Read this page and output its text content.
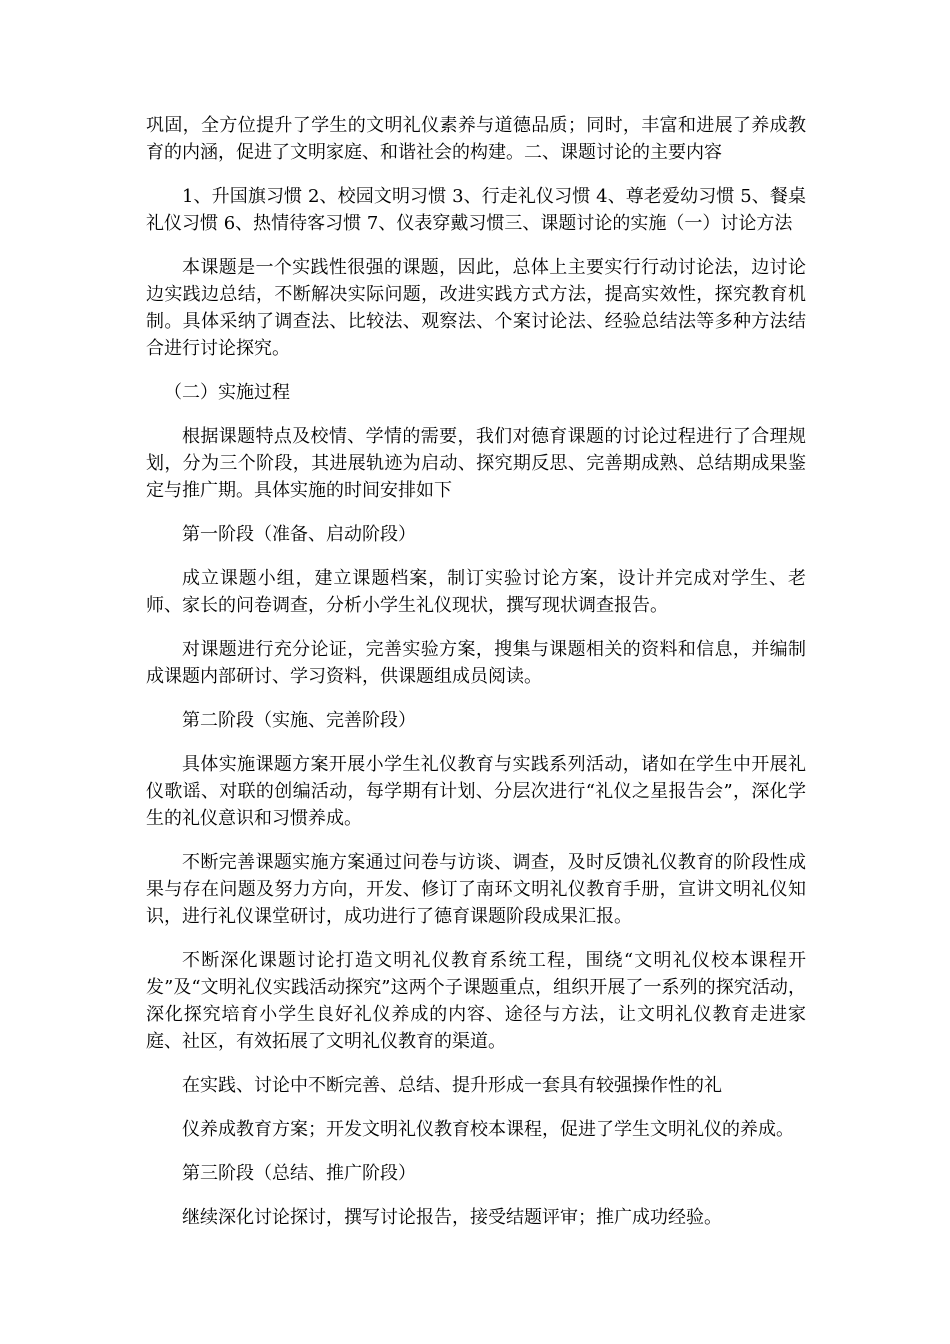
巩固，全方位提升了学生的文明礼仪素养与道德品质；同时，丰富和进展了养成教育的内涵，促进了文明家庭、和谐社会的构建。二、课题讨论的主要内容

1、升国旗习惯 2、校园文明习惯 3、行走礼仪习惯 4、尊老爱幼习惯 5、餐桌礼仪习惯 6、热情待客习惯 7、仪表穿戴习惯三、课题讨论的实施（一）讨论方法

本课题是一个实践性很强的课题，因此，总体上主要实行行动讨论法，边讨论边实践边总结，不断解决实际问题，改进实践方式方法，提高实效性，探究教育机制。具体采纳了调查法、比较法、观察法、个案讨论法、经验总结法等多种方法结合进行讨论探究。

（二）实施过程

根据课题特点及校情、学情的需要，我们对德育课题的讨论过程进行了合理规划，分为三个阶段，其进展轨迹为启动、探究期反思、完善期成熟、总结期成果鉴定与推广期。具体实施的时间安排如下

第一阶段（准备、启动阶段）

成立课题小组，建立课题档案，制订实验讨论方案，设计并完成对学生、老师、家长的问卷调查，分析小学生礼仪现状，撰写现状调查报告。

对课题进行充分论证，完善实验方案，搜集与课题相关的资料和信息，并编制成课题内部研讨、学习资料，供课题组成员阅读。

第二阶段（实施、完善阶段）

具体实施课题方案开展小学生礼仪教育与实践系列活动，诸如在学生中开展礼仪歌谣、对联的创编活动，每学期有计划、分层次进行“礼仪之星报告会”，深化学生的礼仪意识和习惯养成。

不断完善课题实施方案通过问卷与访谈、调查，及时反馈礼仪教育的阶段性成果与存在问题及努力方向，开发、修订了南环文明礼仪教育手册，宣讲文明礼仪知识，进行礼仪课堂研讨，成功进行了德育课题阶段成果汇报。

不断深化课题讨论打造文明礼仪教育系统工程，围绕“文明礼仪校本课程开发”及“文明礼仪实践活动探究”这两个子课题重点，组织开展了一系列的探究活动，深化探究培育小学生良好礼仪养成的内容、途径与方法，让文明礼仪教育走进家庭、社区，有效拓展了文明礼仪教育的渠道。

在实践、讨论中不断完善、总结、提升形成一套具有较强操作性的礼

仪养成教育方案；开发文明礼仪教育校本课程，促进了学生文明礼仪的养成。

第三阶段（总结、推广阶段）

继续深化讨论探讨，撰写讨论报告，接受结题评审；推广成功经验。
